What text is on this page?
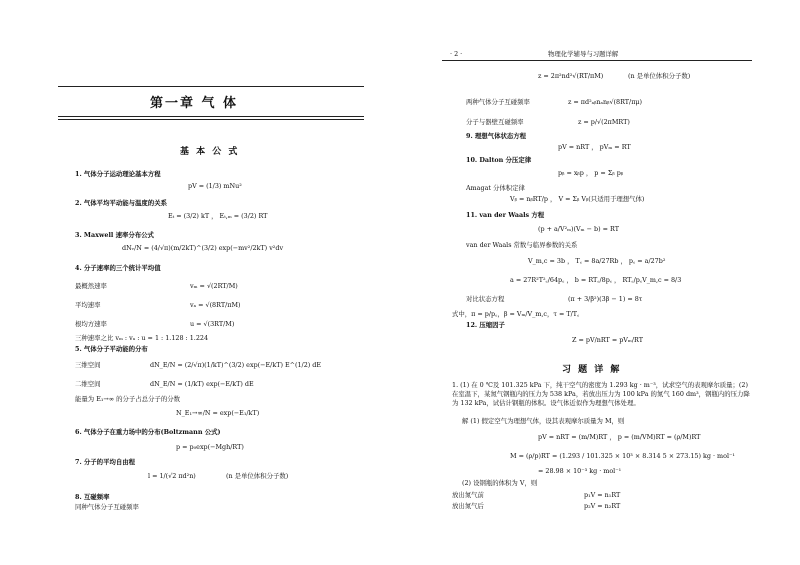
第一章 气 体
基 本 公 式
1. 气体分子运动理论基本方程
pV = (1/3) mNu²
2. 气体平均平动能与温度的关系
Eₜ = (3/2) kT ， Eₜ,ₘ = (3/2) RT
3. Maxwell 速率分布公式
dNᵥ/N = (4/√π)(m/2kT)^(3/2) exp(−mv²/2kT) v²dv
4. 分子速率的三个统计平均值
最概然速率	vₘ = √(2RT/M)
平均速率	vₐ = √(8RT/πM)
根均方速率	u = √(3RT/M)
三种速率之比 vₘ : vₐ : u = 1 : 1.128 : 1.224
5. 气体分子平动能的分布
三维空间	dN_E/N = (2/√π)(1/kT)^(3/2) exp(−E/kT) E^(1/2) dE
二维空间	dN_E/N = (1/kT) exp(−E/kT) dE
能量为 E₁→∞ 的分子占总分子的分数
N_E₁→∞/N = exp(−E₁/kT)
6. 气体分子在重力场中的分布(Boltzmann 公式)
p = p₀exp(−Mgh/RT)
7. 分子的平均自由程
l = 1/(√2 πd²n)	(n 是单位体积分子数)
8. 互碰频率
同种气体分子互碰频率
· 2 ·	物理化学辅导与习题详解
z = 2π²nd²√(RT/πM)	(n 是单位体积分子数)
两种气体分子互碰频率	z = πd²ₐᵦnₐnᵦ√(8RT/πμ)
分子与器壁互碰频率	z = p/√(2πMRT)
9. 理想气体状态方程
pV = nRT ， pVₘ = RT
10. Dalton 分压定律
pᵦ = xᵦp ， p = Σᵦ pᵦ
Amagat 分体积定律
Vᵦ = nᵦRT/p ， V = Σᵦ Vᵦ(只适用于理想气体)
11. van der Waals 方程
(p + a/V²ₘ)(Vₘ − b) = RT
van der Waals 常数与临界参数的关系
V_m,c = 3b ， T꜀ = 8a/27Rb ， p꜀ = a/27b²
a = 27R²T²꜀/64p꜀ ， b = RT꜀/8p꜀ ， RT꜀/p꜀V_m,c = 8/3
对比状态方程	(π + 3/β²)(3β − 1) = 8τ
式中，π = p/p꜀，β = Vₘ/V_m,c，τ = T/T꜀
12. 压缩因子
Z = pV/nRT = pVₘ/RT
习 题 详 解
1. (1) 在 0 ℃及 101.325 kPa 下，纯干空气的密度为 1.293 kg · m⁻³，试求空气的表观摩尔质量；(2) 在室温下，某氮气钢瓶内的压力为 538 kPa，若放出压力为 100 kPa 的氮气 160 dm³，钢瓶内的压力降为 132 kPa，试估计钢瓶的体积。设气体近似作为理想气体处理。
解 (1) 假定空气为理想气体，设其表观摩尔质量为 M，则
pV = nRT = (m/M)RT ， p = (m/VM)RT = (ρ/M)RT
M = (ρ/p)RT = (1.293 / 101.325 × 10³ × 8.314 5 × 273.15) kg · mol⁻¹
= 28.98 × 10⁻³ kg · mol⁻¹
(2) 设钢瓶的体积为 V，则
放出氮气前	p₁V = n₁RT
放出氮气后	p₂V = n₂RT
